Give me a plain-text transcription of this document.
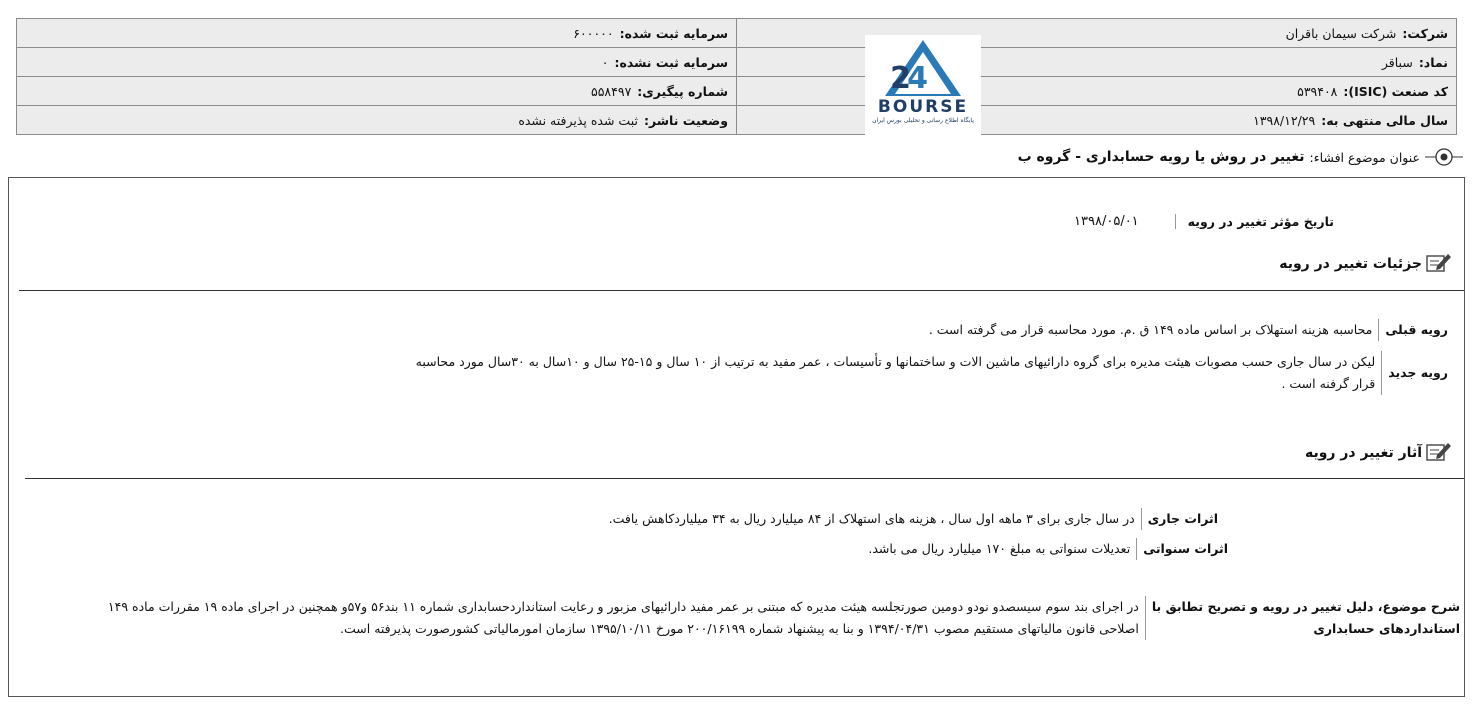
شرکت:شرکت سیمان باقران	سرمایه ثبت شده:۶۰۰۰۰۰
نماد:سباقر	سرمایه ثبت نشده:۰
کد صنعت (ISIC):۵۳۹۴۰۸	شماره پیگیری:۵۵۸۴۹۷
سال مالی منتهی به:۱۳۹۸/۱۲/۲۹	وضعیت ناشر:ثبت شده پذیرفته نشده
2
4
BOURSE
پایگاه اطلاع رسانی و تحلیلی بورس ایران
عنوان موضوع افشاء:
تغییر در روش یا رویه حسابداری - گروه ب
تاریخ مؤثر تغییر در رویه
۱۳۹۸/۰۵/۰۱
جزئیات تغییر در رویه
رویه قبلی
محاسبه هزینه استهلاک بر اساس ماده ۱۴۹ ق .م. مورد محاسبه قرار می گرفته است .
رویه جدید
لیکن در سال جاری حسب مصوبات هیئت مدیره برای گروه دارائیهای ماشین الات و ساختمانها و تأسیسات ، عمر مفید به ترتیب از ۱۰ سال و ۱۵-۲۵ سال و ۱۰سال به ۳۰سال مورد محاسبه
قرار گرفنه است .
آثار تغییر در رویه
اثرات جاری
در سال جاری برای ۳ ماهه اول سال ، هزینه های استهلاک از ۸۴ میلیارد ریال به ۳۴ میلیاردکاهش یافت.
اثرات سنواتی
تعدیلات سنواتی به مبلغ ۱۷۰ میلیارد ریال می باشد.
شرح موضوع، دلیل تغییر در رویه و تصریح تطابق با
استانداردهای حسابداری
در اجرای بند سوم سیسصدو نودو دومین صورتجلسه هیئت مدیره که مبتنی بر عمر مفید دارائیهای مزبور و رعایت استانداردحسابداری شماره ۱۱ بند۵۶ و۵۷و همچنین در اجرای ماده ۱۹ مقررات ماده ۱۴۹
اصلاحی قانون مالیاتهای مستقیم مصوب ۱۳۹۴/۰۴/۳۱ و بنا به پیشنهاد شماره ۲۰۰/۱۶۱۹۹ مورخ ۱۳۹۵/۱۰/۱۱ سازمان امورمالیاتی کشورصورت پذیرفته است.
